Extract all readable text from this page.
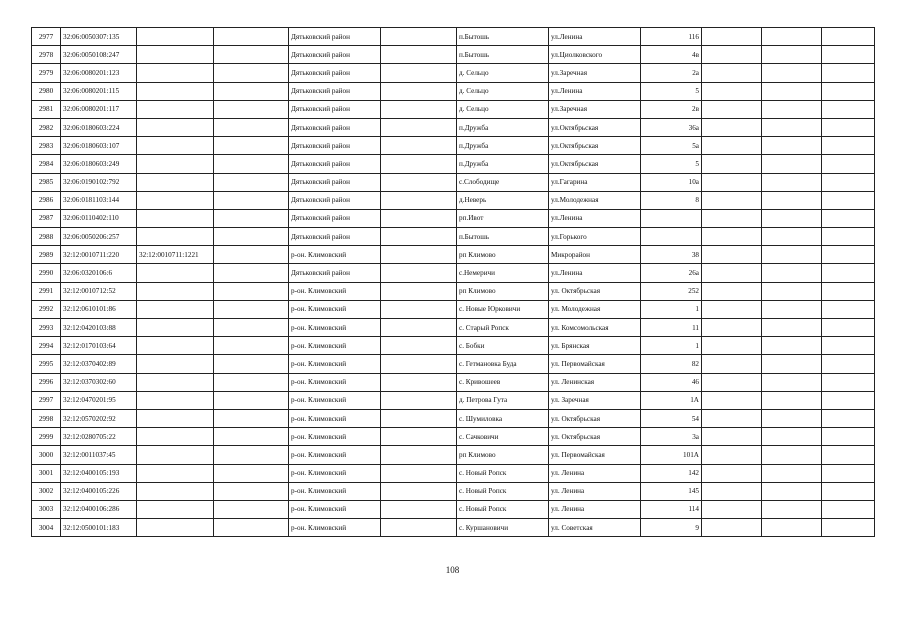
2977	32:06:0050307:135			Дятьковский район		п.Бытошь	ул.Ленина	116			
2978	32:06:0050108:247			Дятьковский район		п.Бытошь	ул.Циолковского	4в			
2979	32:06:0080201:123			Дятьковский район		д. Сельцо	ул.Заречная	2а			
2980	32:06:0080201:115			Дятьковский район		д. Сельцо	ул.Ленина	5			
2981	32:06:0080201:117			Дятьковский район		д. Сельцо	ул.Заречная	2в			
2982	32:06:0180603:224			Дятьковский район		п.Дружба	ул.Октябрьская	36а			
2983	32:06:0180603:107			Дятьковский район		п.Дружба	ул.Октябрьская	5а			
2984	32:06:0180603:249			Дятьковский район		п.Дружба	ул.Октябрьская	5			
2985	32:06:0190102:792			Дятьковский район		с.Слободище	ул.Гагарина	10а			
2986	32:06:0181103:144			Дятьковский район		д.Неверь	ул.Молодежная	8			
2987	32:06:0110402:110			Дятьковский район		рп.Ивот	ул.Ленина				
2988	32:06:0050206:257			Дятьковский район		п.Бытошь	ул.Горького				
2989	32:12:0010711:220	32:12:0010711:1221		р-он. Климовский		рп Климово	Микрорайон	38			
2990	32:06:0320106:6			Дятьковский район		с.Немеричи	ул.Ленина	26а			
2991	32:12:0010712:52			р-он. Климовский		рп Климово	ул. Октябрьская	252			
2992	32:12:0610101:86			р-он. Климовский		с. Новые Юрковичи	ул. Молодежная	1			
2993	32:12:0420103:88			р-он. Климовский		с. Старый Ропск	ул. Комсомольская	11			
2994	32:12:0170103:64			р-он. Климовский		с. Бобки	ул. Брянская	1			
2995	32:12:0370402:89			р-он. Климовский		с. Гетмановка Буда	ул. Первомайская	82			
2996	32:12:0370302:60			р-он. Климовский		с. Кривошеев	ул. Ленинская	46			
2997	32:12:0470201:95			р-он. Климовский		д. Петрова Гута	ул. Заречная	1А			
2998	32:12:0570202:92			р-он. Климовский		с. Шумиловка	ул. Октябрьская	54			
2999	32:12:0280705:22			р-он. Климовский		с. Сачковичи	ул. Октябрьская	3а			
3000	32:12:0011037:45			р-он. Климовский		рп Климово	ул. Первомайская	101А			
3001	32:12:0400105:193			р-он. Климовский		с. Новый Ропск	ул. Ленина	142			
3002	32:12:0400105:226			р-он. Климовский		с. Новый Ропск	ул. Ленина	145			
3003	32:12:0400106:286			р-он. Климовский		с. Новый Ропск	ул. Ленина	114			
3004	32:12:0500101:183			р-он. Климовский		с. Куршановичи	ул. Советская	9			
108
